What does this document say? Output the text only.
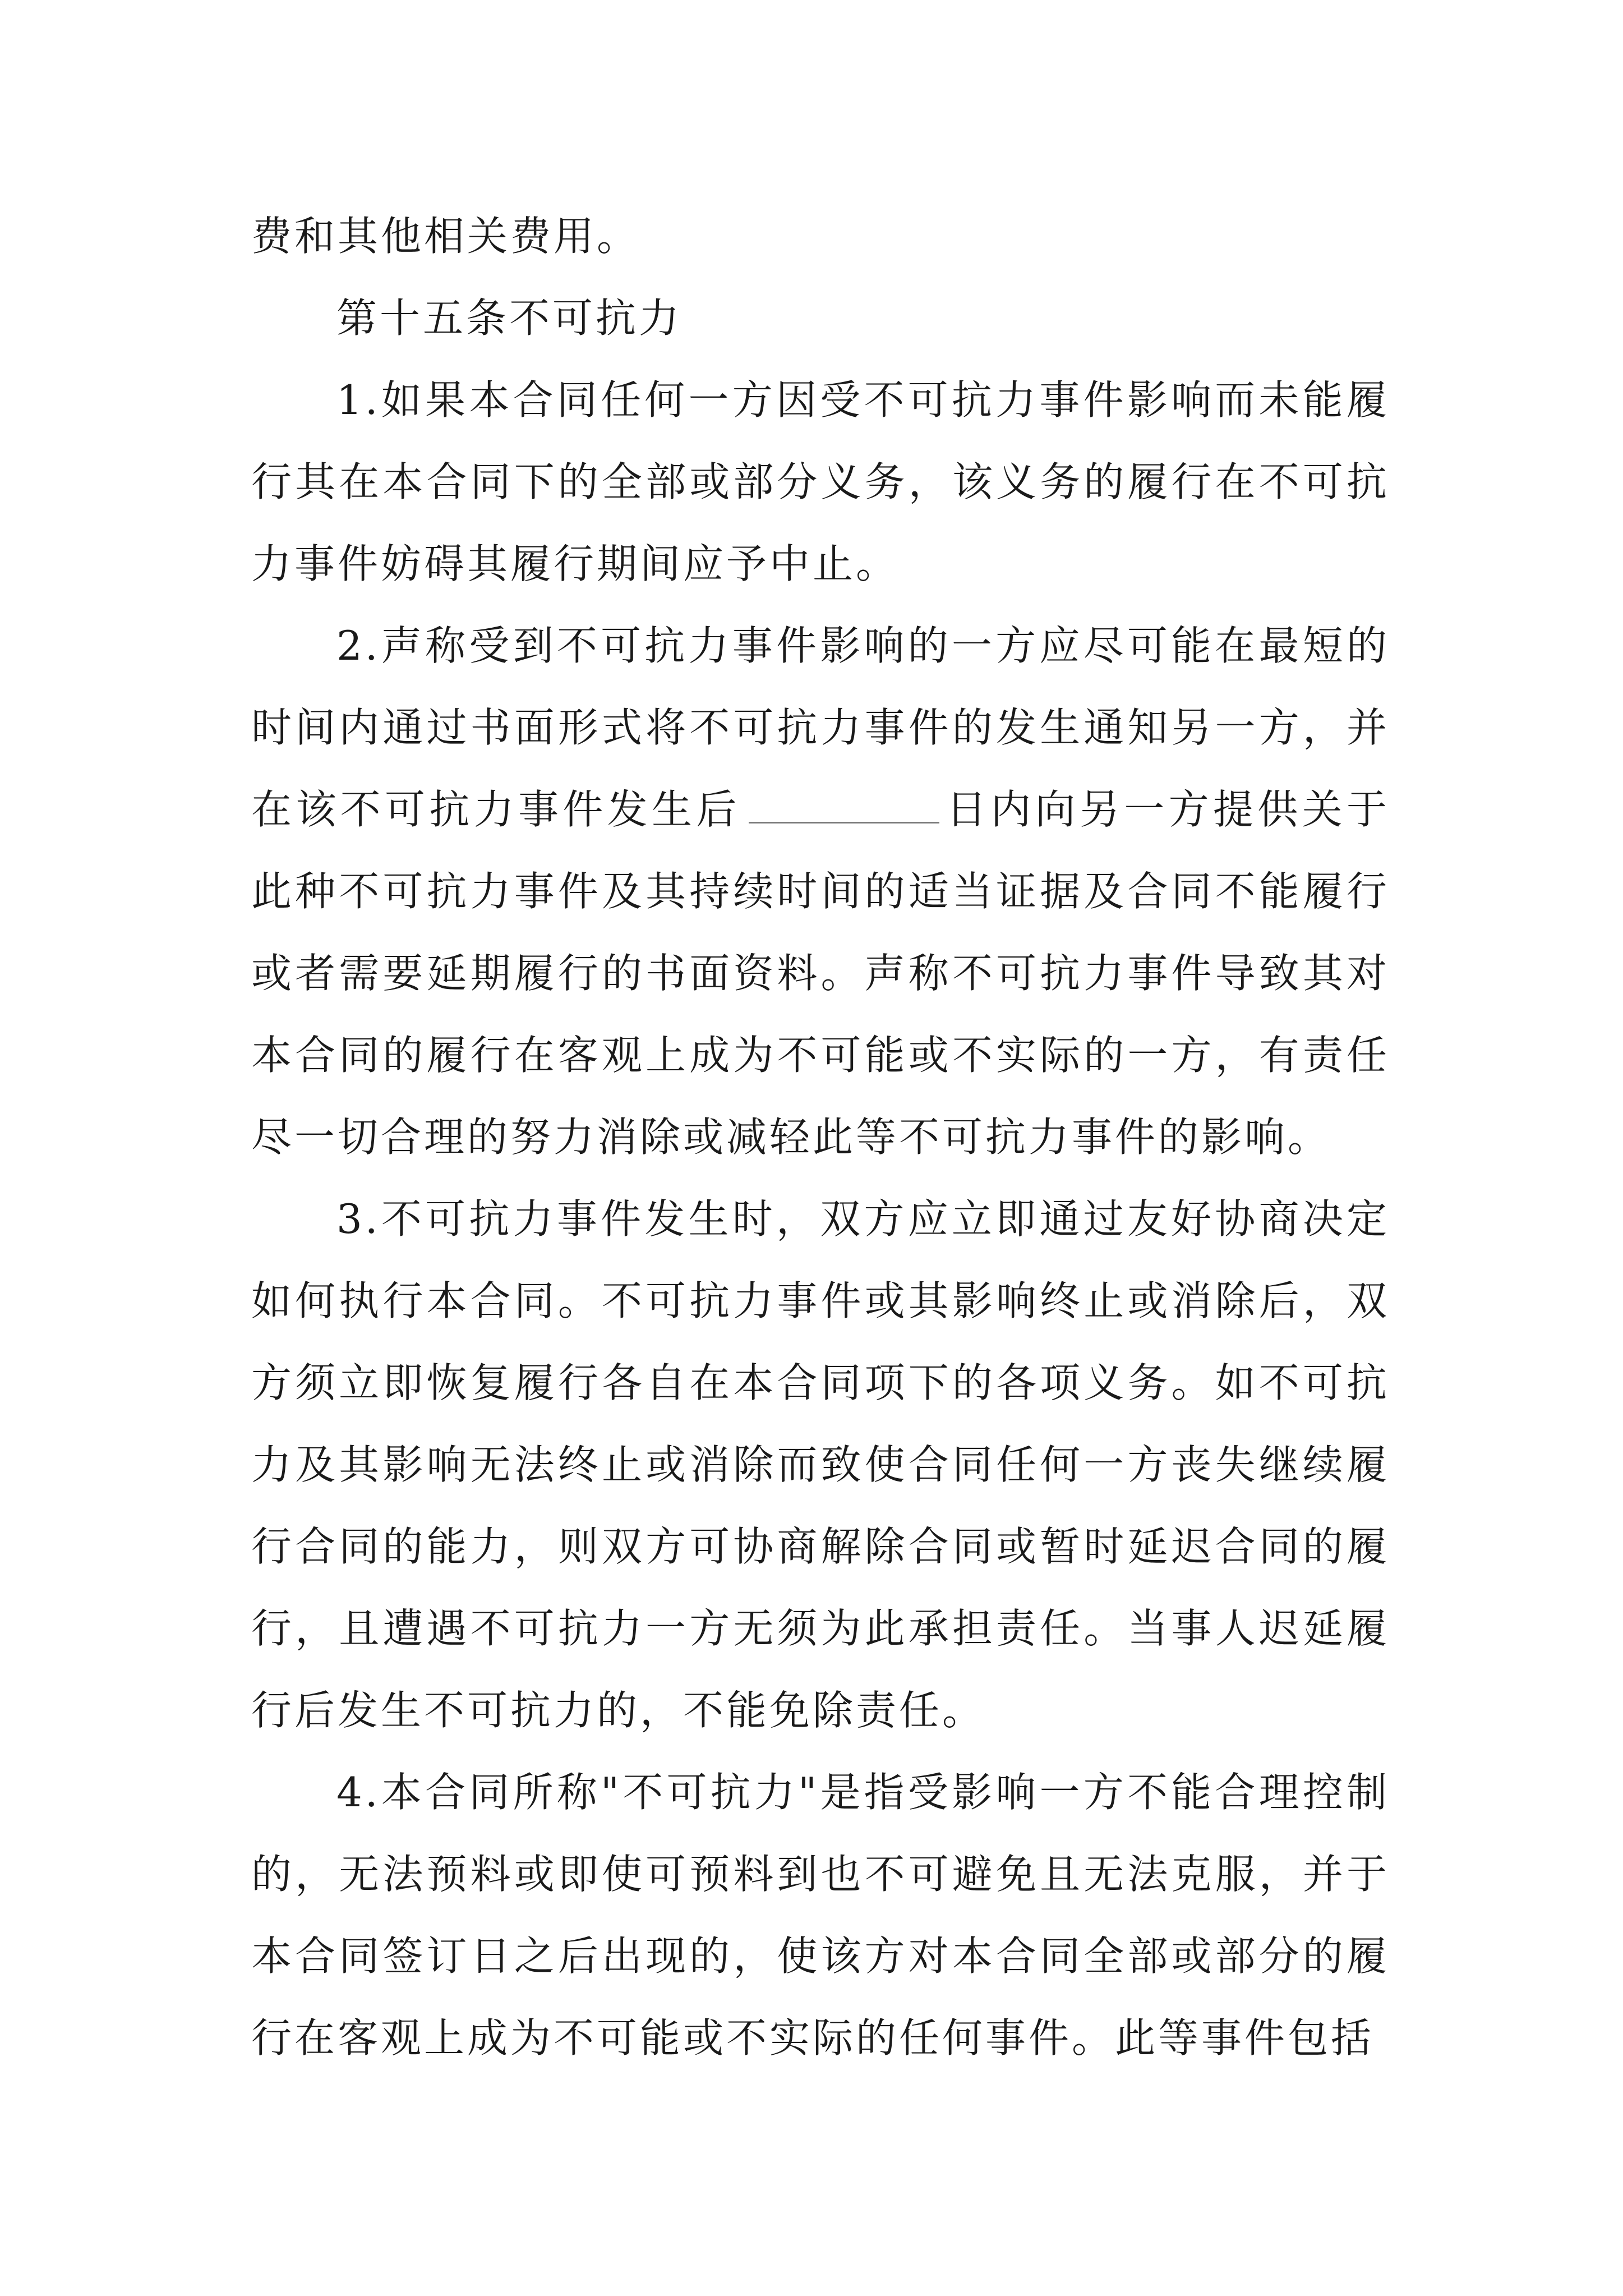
费和其他相关费用。

第十五条不可抗力

1.如果本合同任何一方因受不可抗力事件影响而未能履行其在本合同下的全部或部分义务，该义务的履行在不可抗力事件妨碍其履行期间应予中止。

2.声称受到不可抗力事件影响的一方应尽可能在最短的时间内通过书面形式将不可抗力事件的发生通知另一方，并在该不可抗力事件发生后	日内向另一方提供关于此种不可抗力事件及其持续时间的适当证据及合同不能履行或者需要延期履行的书面资料。声称不可抗力事件导致其对本合同的履行在客观上成为不可能或不实际的一方，有责任尽一切合理的努力消除或减轻此等不可抗力事件的影响。

3.不可抗力事件发生时，双方应立即通过友好协商决定如何执行本合同。不可抗力事件或其影响终止或消除后，双方须立即恢复履行各自在本合同项下的各项义务。如不可抗力及其影响无法终止或消除而致使合同任何一方丧失继续履行合同的能力，则双方可协商解除合同或暂时延迟合同的履行，且遭遇不可抗力一方无须为此承担责任。当事人迟延履行后发生不可抗力的，不能免除责任。

4.本合同所称"不可抗力"是指受影响一方不能合理控制的，无法预料或即使可预料到也不可避免且无法克服，并于本合同签订日之后出现的，使该方对本合同全部或部分的履行在客观上成为不可能或不实际的任何事件。此等事件包括
